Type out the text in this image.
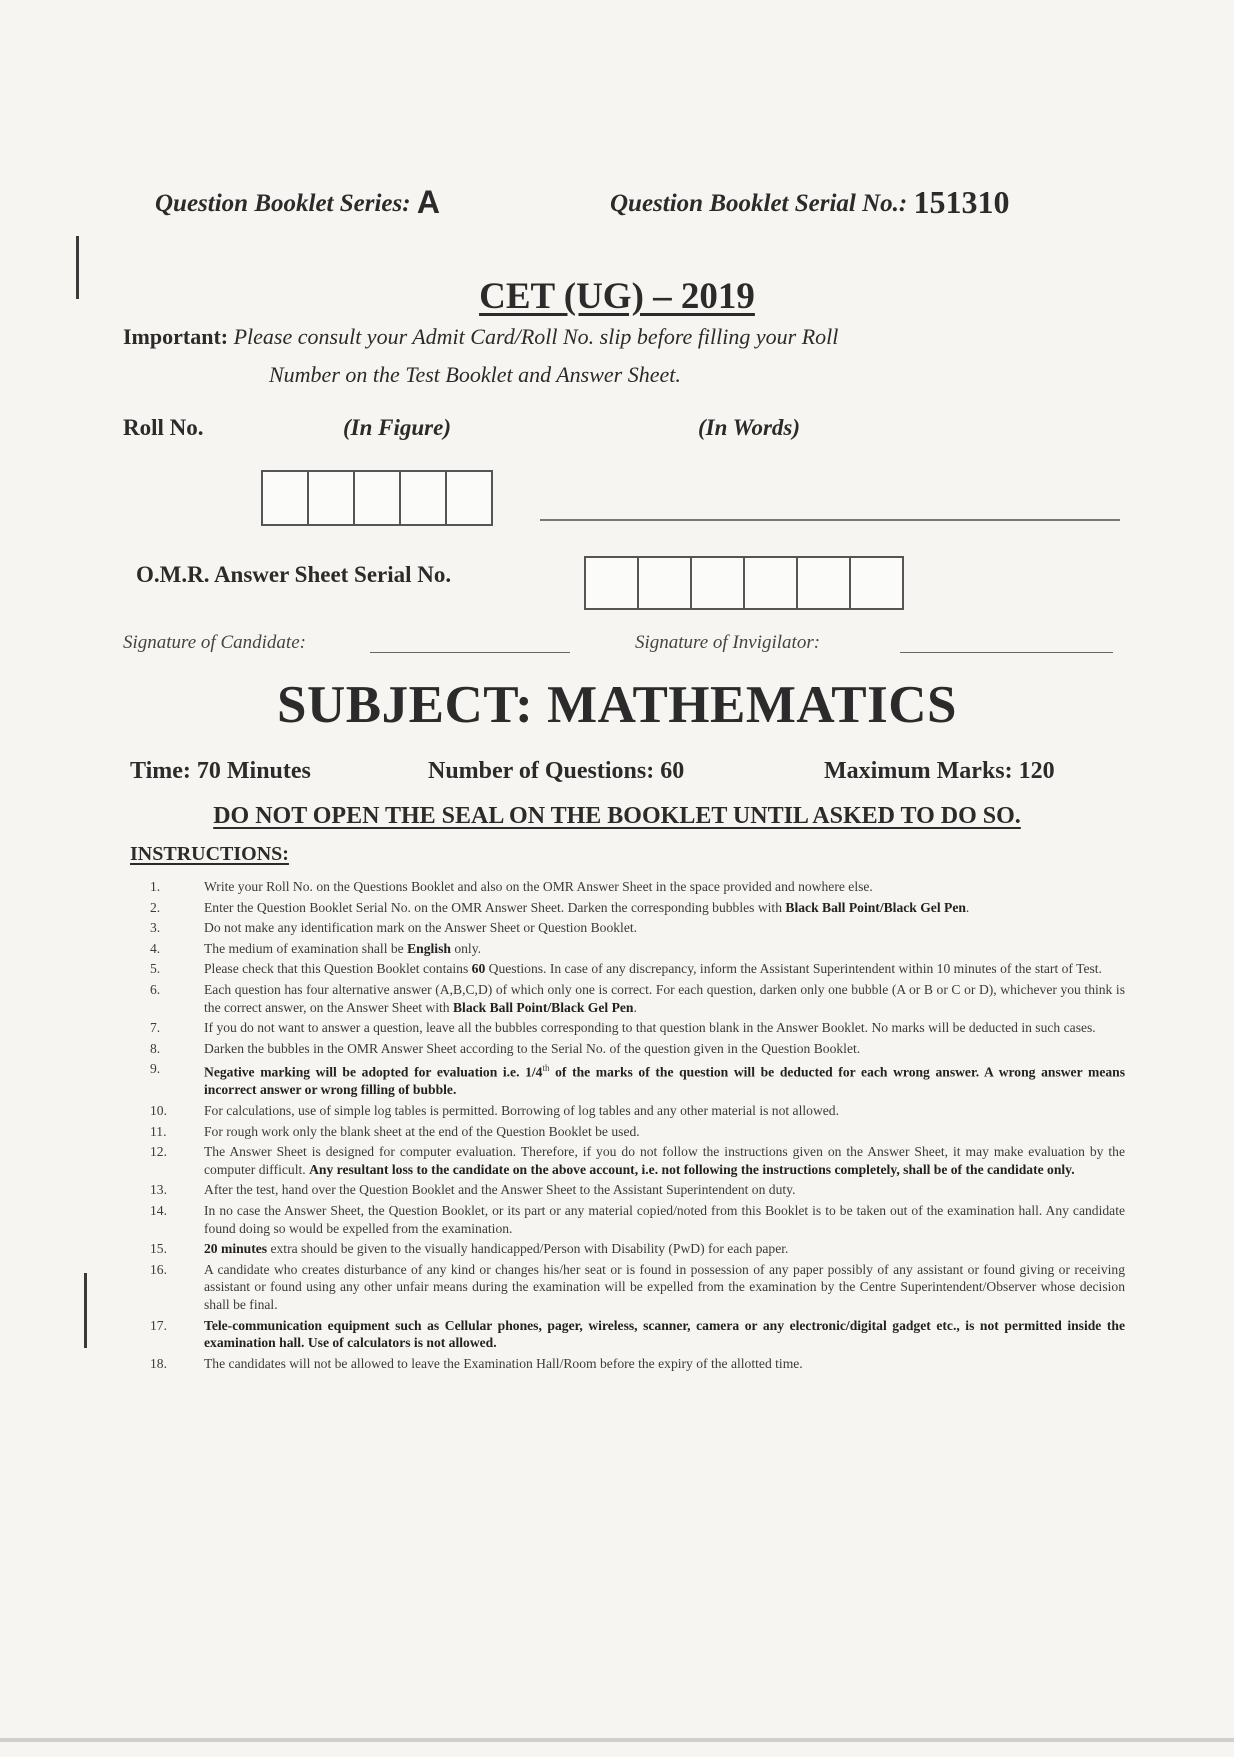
Question Booklet Series: A	Question Booklet Serial No.: 151310
CET (UG) – 2019
Important: Please consult your Admit Card/Roll No. slip before filling your Roll
Number on the Test Booklet and Answer Sheet.
Roll No.	(In Figure)	(In Words)
O.M.R. Answer Sheet Serial No.
Signature of Candidate:	Signature of Invigilator:
SUBJECT: MATHEMATICS
Time: 70 Minutes	Number of Questions: 60	Maximum Marks: 120
DO NOT OPEN THE SEAL ON THE BOOKLET UNTIL ASKED TO DO SO.
INSTRUCTIONS:
1.	Write your Roll No. on the Questions Booklet and also on the OMR Answer Sheet in the space provided and nowhere else.
2.	Enter the Question Booklet Serial No. on the OMR Answer Sheet. Darken the corresponding bubbles with Black Ball Point/Black Gel Pen.
3.	Do not make any identification mark on the Answer Sheet or Question Booklet.
4.	The medium of examination shall be English only.
5.	Please check that this Question Booklet contains 60 Questions. In case of any discrepancy, inform the Assistant Superintendent within 10 minutes of the start of Test.
6.	Each question has four alternative answer (A,B,C,D) of which only one is correct. For each question, darken only one bubble (A or B or C or D), whichever you think is the correct answer, on the Answer Sheet with Black Ball Point/Black Gel Pen.
7.	If you do not want to answer a question, leave all the bubbles corresponding to that question blank in the Answer Booklet. No marks will be deducted in such cases.
8.	Darken the bubbles in the OMR Answer Sheet according to the Serial No. of the question given in the Question Booklet.
9.	Negative marking will be adopted for evaluation i.e. 1/4th of the marks of the question will be deducted for each wrong answer. A wrong answer means incorrect answer or wrong filling of bubble.
10.	For calculations, use of simple log tables is permitted. Borrowing of log tables and any other material is not allowed.
11.	For rough work only the blank sheet at the end of the Question Booklet be used.
12.	The Answer Sheet is designed for computer evaluation. Therefore, if you do not follow the instructions given on the Answer Sheet, it may make evaluation by the computer difficult. Any resultant loss to the candidate on the above account, i.e. not following the instructions completely, shall be of the candidate only.
13.	After the test, hand over the Question Booklet and the Answer Sheet to the Assistant Superintendent on duty.
14.	In no case the Answer Sheet, the Question Booklet, or its part or any material copied/noted from this Booklet is to be taken out of the examination hall. Any candidate found doing so would be expelled from the examination.
15.	20 minutes extra should be given to the visually handicapped/Person with Disability (PwD) for each paper.
16.	A candidate who creates disturbance of any kind or changes his/her seat or is found in possession of any paper possibly of any assistant or found giving or receiving assistant or found using any other unfair means during the examination will be expelled from the examination by the Centre Superintendent/Observer whose decision shall be final.
17.	Tele-communication equipment such as Cellular phones, pager, wireless, scanner, camera or any electronic/digital gadget etc., is not permitted inside the examination hall. Use of calculators is not allowed.
18.	The candidates will not be allowed to leave the Examination Hall/Room before the expiry of the allotted time.
